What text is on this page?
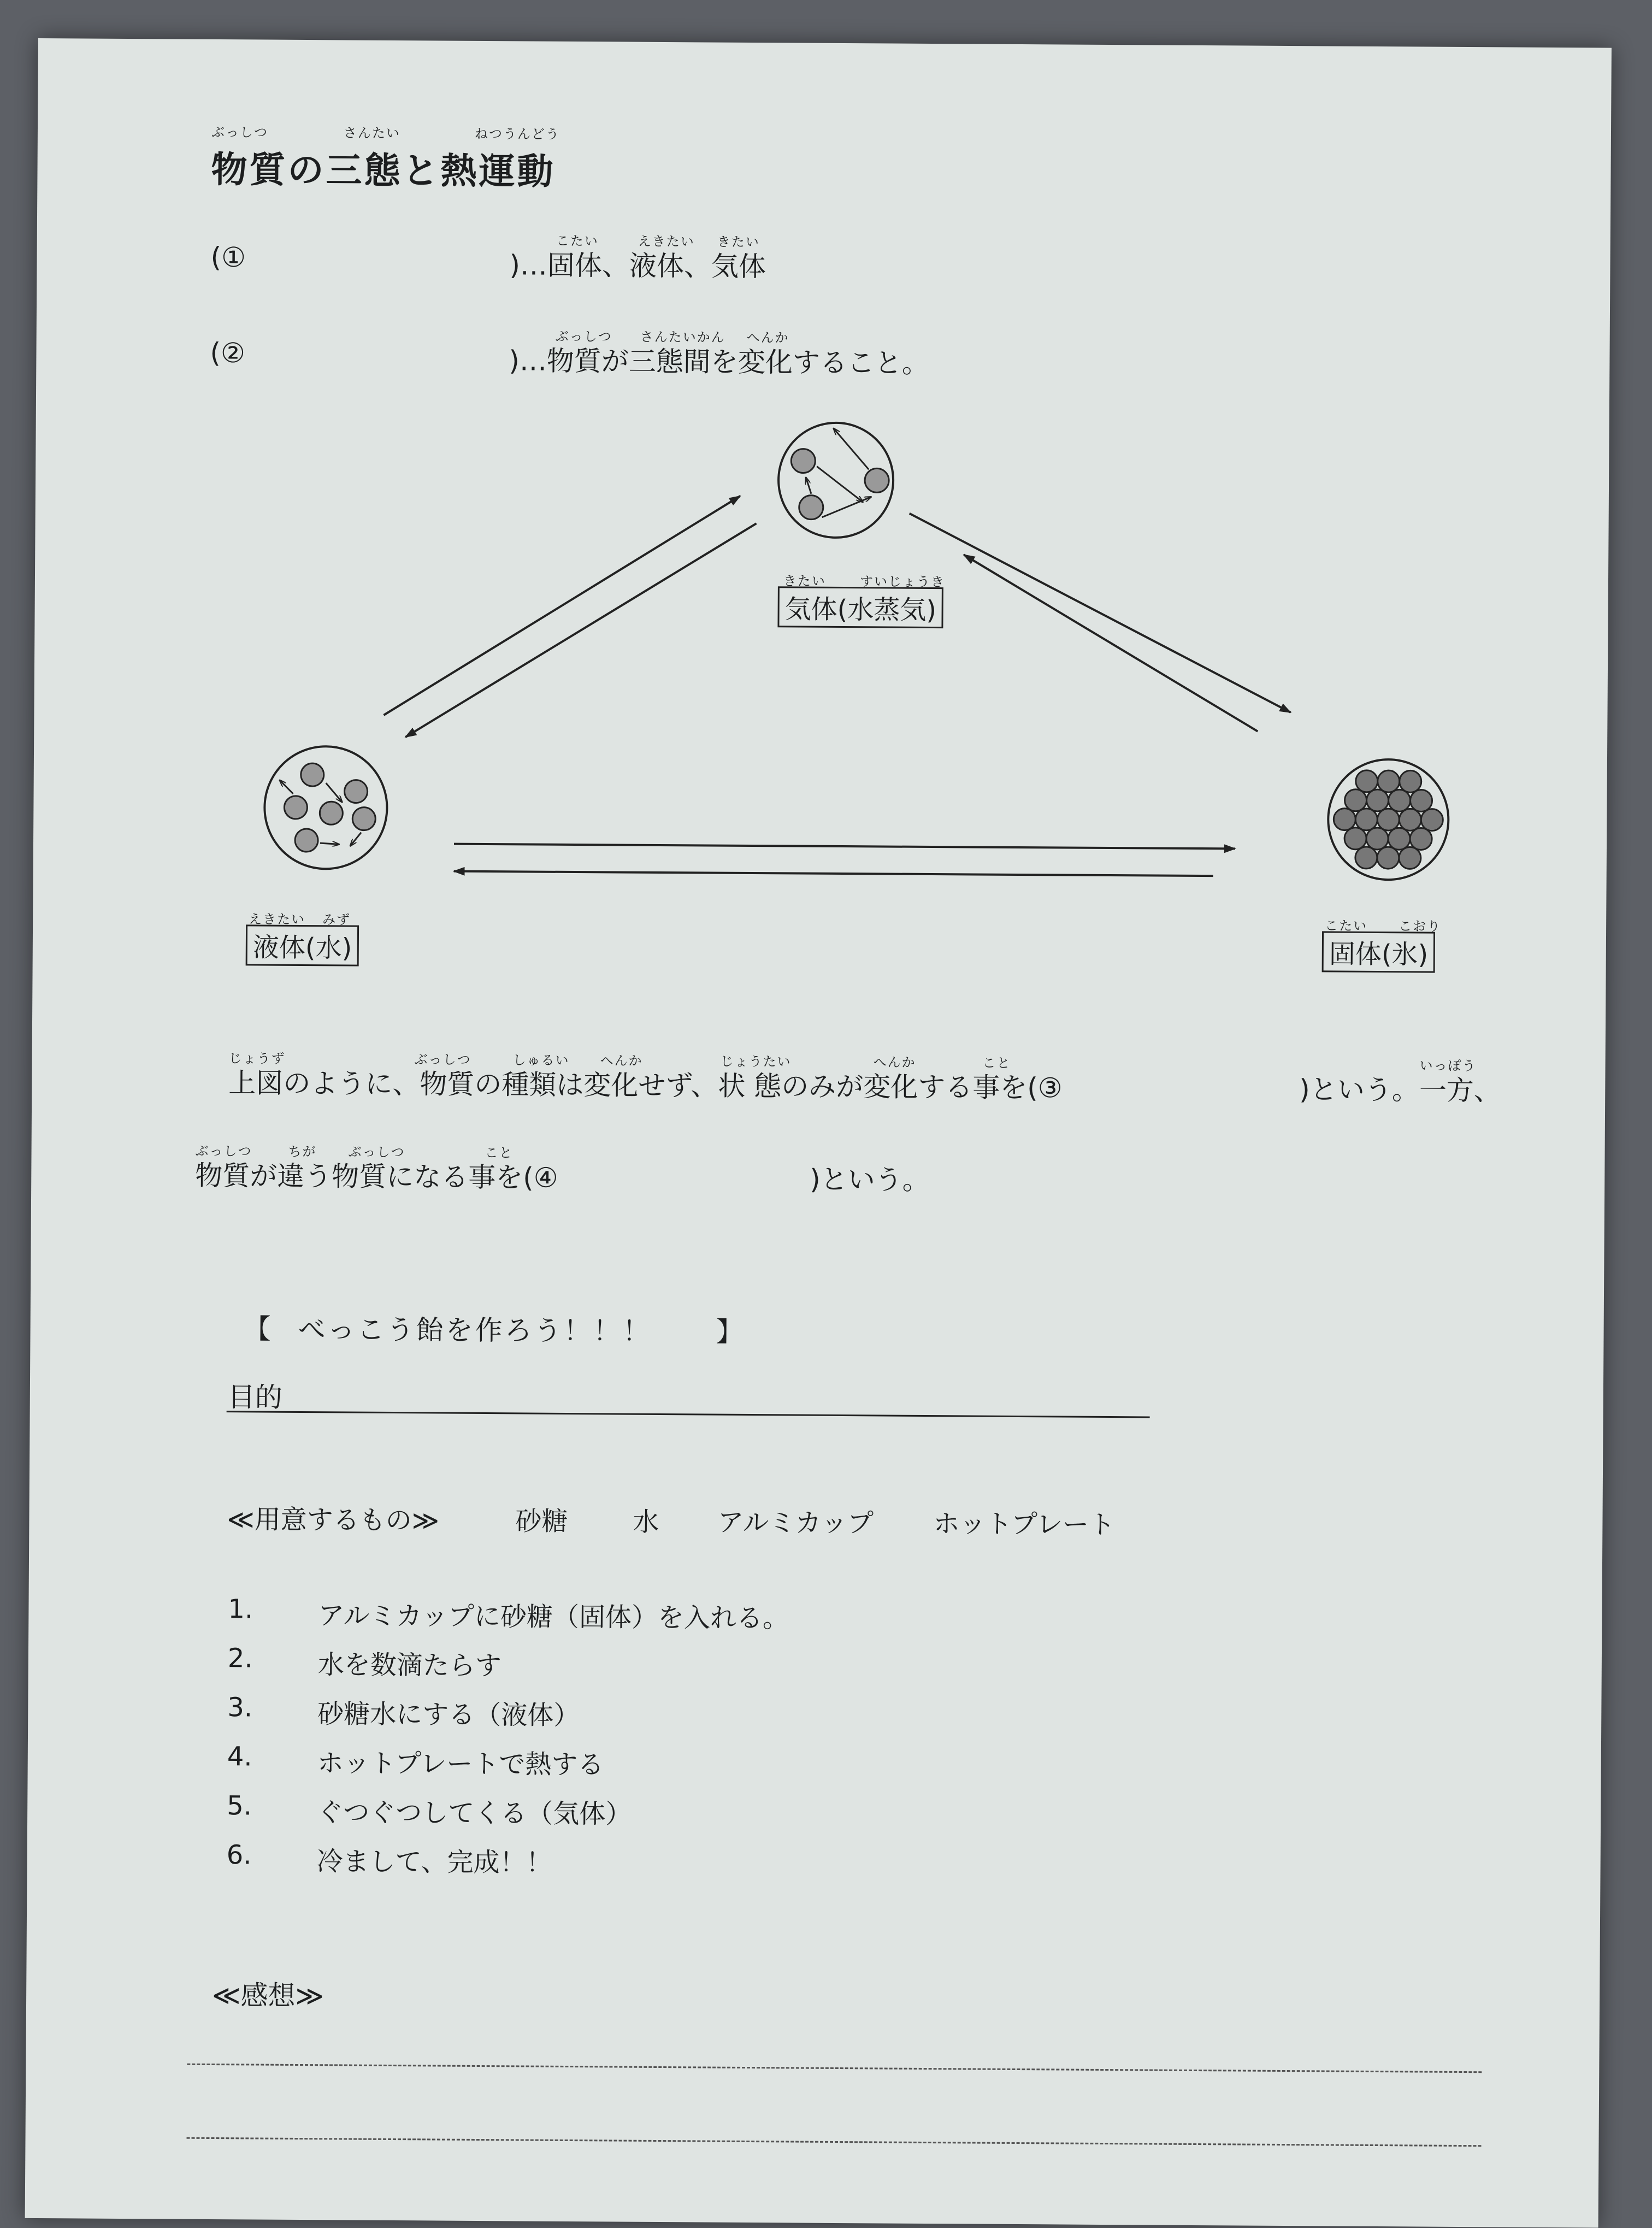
ぶっしつ	さんたい	ねつうんどう
物質の三態と熱運動
(①
こたい	えきたい きたい
)…固体、液体、気体
(②
ぶっしつ さんたいかん へんか
)…物質が三態間を変化すること。
きたい	すいじょうき
気体(水蒸気)
えきたい みず
液体(水)
こたい こおり
固体(氷)
じょうず	ぶっしつ	しゅるい へんか	じょうたい	へんか	こと	いっぽう
上図のように、物質の種類は変化せず、状 態のみが変化する事を(③	)という。一方、
ぶっしつ	ちが ぶっしつ	こと
物質が違う物質になる事を(④	)という。
【 べっこう飴を作ろう！！！ 】
目的
≪用意するもの≫	砂糖 水 アルミカップ ホットプレート
1. アルミカップに砂糖（固体）を入れる。
2. 水を数滴たらす
3. 砂糖水にする（液体）
4. ホットプレートで熱する
5. ぐつぐつしてくる（気体）
6. 冷まして、完成！！
≪感想≫
